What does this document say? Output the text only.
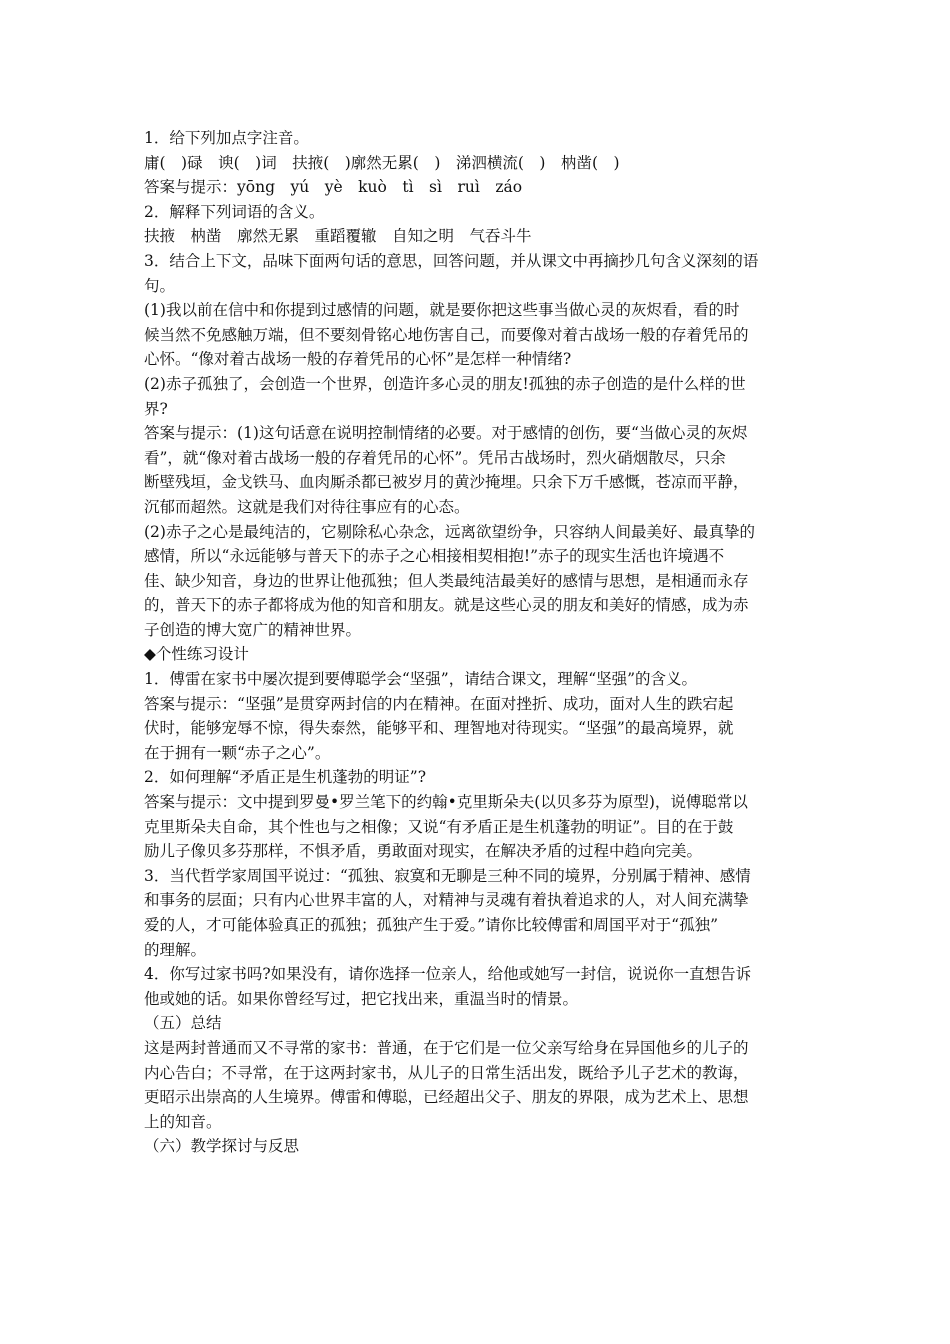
1．给下列加点字注音。

庸(　)碌　谀(　)词　扶掖(　)廓然无累(　)　涕泗横流(　)　枘凿(　)

答案与提示：yōng　yú　yè　kuò　tì　sì　ruì　záo

2．解释下列词语的含义。

扶掖　枘凿　廓然无累　重蹈覆辙　自知之明　气吞斗牛

3．结合上下文，品味下面两句话的意思，回答问题，并从课文中再摘抄几句含义深刻的语

句。

(1)我以前在信中和你提到过感情的问题，就是要你把这些事当做心灵的灰烬看，看的时

候当然不免感触万端，但不要刻骨铭心地伤害自己，而要像对着古战场一般的存着凭吊的

心怀。“像对着古战场一般的存着凭吊的心怀”是怎样一种情绪?

(2)赤子孤独了，会创造一个世界，创造许多心灵的朋友!孤独的赤子创造的是什么样的世

界?

答案与提示：(1)这句话意在说明控制情绪的必要。对于感情的创伤，要“当做心灵的灰烬

看”，就“像对着古战场一般的存着凭吊的心怀”。凭吊古战场时，烈火硝烟散尽，只余

断壁残垣，金戈铁马、血肉厮杀都已被岁月的黄沙掩埋。只余下万千感慨，苍凉而平静，

沉郁而超然。这就是我们对待往事应有的心态。

(2)赤子之心是最纯洁的，它剔除私心杂念，远离欲望纷争，只容纳人间最美好、最真挚的

感情，所以“永远能够与普天下的赤子之心相接相契相抱!”赤子的现实生活也许境遇不

佳、缺少知音，身边的世界让他孤独；但人类最纯洁最美好的感情与思想，是相通而永存

的，普天下的赤子都将成为他的知音和朋友。就是这些心灵的朋友和美好的情感，成为赤

子创造的博大宽广的精神世界。

◆个性练习设计

1．傅雷在家书中屡次提到要傅聪学会“坚强”，请结合课文，理解“坚强”的含义。

答案与提示：“坚强”是贯穿两封信的内在精神。在面对挫折、成功，面对人生的跌宕起

伏时，能够宠辱不惊，得失泰然，能够平和、理智地对待现实。“坚强”的最高境界，就

在于拥有一颗“赤子之心”。

2．如何理解“矛盾正是生机蓬勃的明证”?

答案与提示：文中提到罗曼•罗兰笔下的约翰•克里斯朵夫(以贝多芬为原型)，说傅聪常以

克里斯朵夫自命，其个性也与之相像；又说“有矛盾正是生机蓬勃的明证”。目的在于鼓

励儿子像贝多芬那样，不惧矛盾，勇敢面对现实，在解决矛盾的过程中趋向完美。

3．当代哲学家周国平说过：“孤独、寂寞和无聊是三种不同的境界，分别属于精神、感情

和事务的层面；只有内心世界丰富的人，对精神与灵魂有着执着追求的人，对人间充满挚

爱的人，才可能体验真正的孤独；孤独产生于爱。”请你比较傅雷和周国平对于“孤独”

的理解。

4．你写过家书吗?如果没有，请你选择一位亲人，给他或她写一封信，说说你一直想告诉

他或她的话。如果你曾经写过，把它找出来，重温当时的情景。

（五）总结

这是两封普通而又不寻常的家书：普通，在于它们是一位父亲写给身在异国他乡的儿子的

内心告白；不寻常，在于这两封家书，从儿子的日常生活出发，既给予儿子艺术的教诲，

更昭示出崇高的人生境界。傅雷和傅聪，已经超出父子、朋友的界限，成为艺术上、思想

上的知音。

（六）教学探讨与反思
